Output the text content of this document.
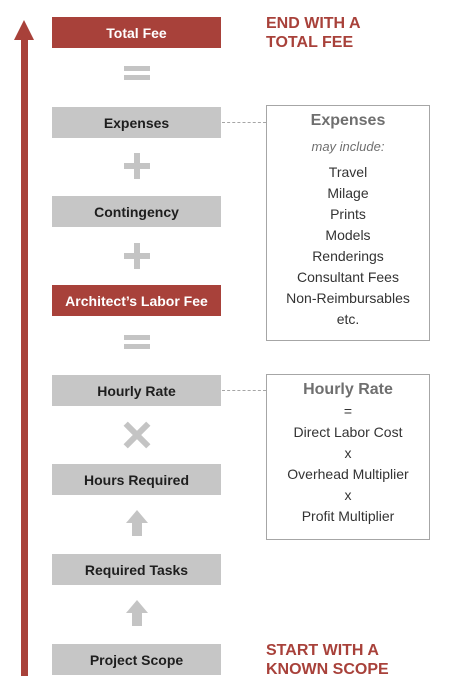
Total Fee
Expenses
Contingency
Architect’s Labor Fee
Hourly Rate
Hours Required
Required Tasks
Project Scope
END WITH A
TOTAL FEE
START WITH A
KNOWN SCOPE
Expenses
may include:
Travel
Milage
Prints
Models
Renderings
Consultant Fees
Non-Reimbursables
etc.
Hourly Rate
=
Direct Labor Cost
x
Overhead Multiplier
x
Profit Multiplier
